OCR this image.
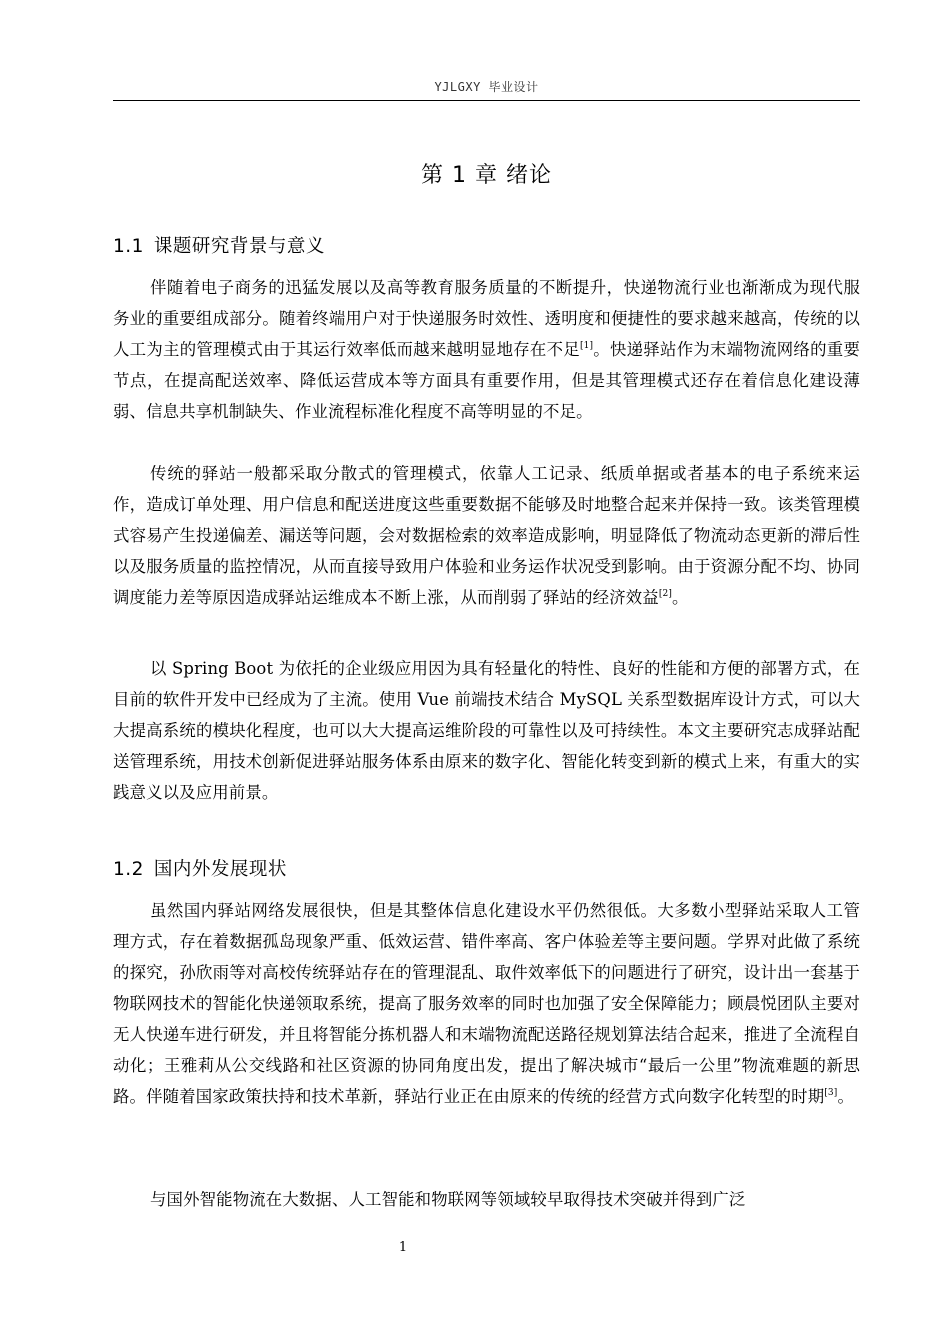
YJLGXY 毕业设计
第 1 章 绪论
1.1 课题研究背景与意义

伴随着电子商务的迅猛发展以及高等教育服务质量的不断提升，快递物流行业也渐渐成为现代服务业的重要组成部分。随着终端用户对于快递服务时效性、透明度和便捷性的要求越来越高，传统的以人工为主的管理模式由于其运行效率低而越来越明显地存在不足[1]。快递驿站作为末端物流网络的重要节点，在提高配送效率、降低运营成本等方面具有重要作用，但是其管理模式还存在着信息化建设薄弱、信息共享机制缺失、作业流程标准化程度不高等明显的不足。

传统的驿站一般都采取分散式的管理模式，依靠人工记录、纸质单据或者基本的电子系统来运作，造成订单处理、用户信息和配送进度这些重要数据不能够及时地整合起来并保持一致。该类管理模式容易产生投递偏差、漏送等问题，会对数据检索的效率造成影响，明显降低了物流动态更新的滞后性以及服务质量的监控情况，从而直接导致用户体验和业务运作状况受到影响。由于资源分配不均、协同调度能力差等原因造成驿站运维成本不断上涨，从而削弱了驿站的经济效益[2]。

以 Spring Boot 为依托的企业级应用因为具有轻量化的特性、良好的性能和方便的部署方式，在目前的软件开发中已经成为了主流。使用 Vue 前端技术结合 MySQL 关系型数据库设计方式，可以大大提高系统的模块化程度，也可以大大提高运维阶段的可靠性以及可持续性。本文主要研究志成驿站配送管理系统，用技术创新促进驿站服务体系由原来的数字化、智能化转变到新的模式上来，有重大的实践意义以及应用前景。

1.2 国内外发展现状

虽然国内驿站网络发展很快，但是其整体信息化建设水平仍然很低。大多数小型驿站采取人工管理方式，存在着数据孤岛现象严重、低效运营、错件率高、客户体验差等主要问题。学界对此做了系统的探究，孙欣雨等对高校传统驿站存在的管理混乱、取件效率低下的问题进行了研究，设计出一套基于物联网技术的智能化快递领取系统，提高了服务效率的同时也加强了安全保障能力；顾晨悦团队主要对无人快递车进行研发，并且将智能分拣机器人和末端物流配送路径规划算法结合起来，推进了全流程自动化；王雅莉从公交线路和社区资源的协同角度出发，提出了解决城市“最后一公里”物流难题的新思路。伴随着国家政策扶持和技术革新，驿站行业正在由原来的传统的经营方式向数字化转型的时期[3]。

与国外智能物流在大数据、人工智能和物联网等领域较早取得技术突破并得到广泛

1
